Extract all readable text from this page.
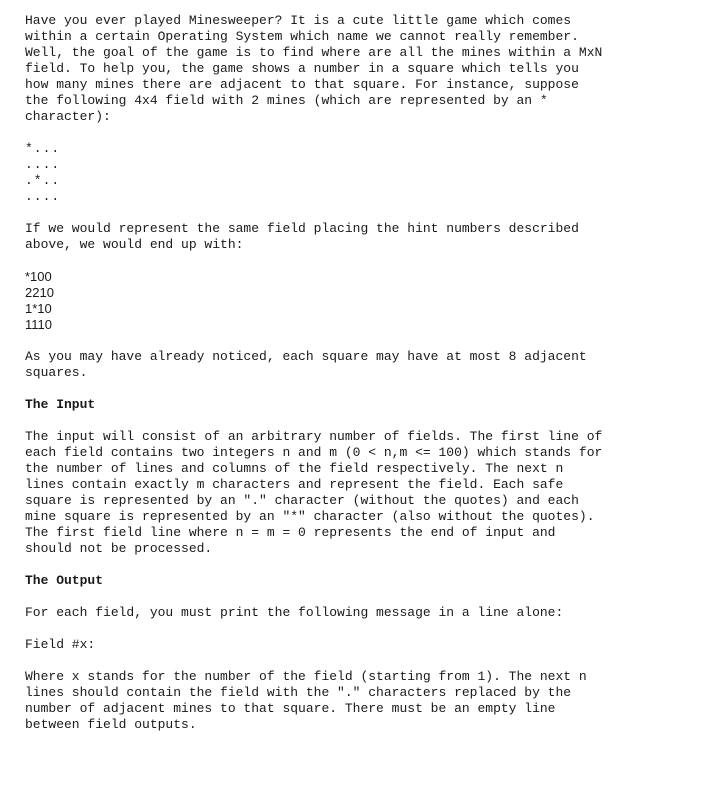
Have you ever played Minesweeper? It is a cute little game which comes
within a certain Operating System which name we cannot really remember.
Well, the goal of the game is to find where are all the mines within a MxN
field. To help you, the game shows a number in a square which tells you
how many mines there are adjacent to that square. For instance, suppose
the following 4x4 field with 2 mines (which are represented by an *
character):

*...
....
.*..
....

If we would represent the same field placing the hint numbers described
above, we would end up with:

*100
2210
1*10
1110

As you may have already noticed, each square may have at most 8 adjacent
squares.

The Input

The input will consist of an arbitrary number of fields. The first line of
each field contains two integers n and m (0 < n,m <= 100) which stands for
the number of lines and columns of the field respectively. The next n
lines contain exactly m characters and represent the field. Each safe
square is represented by an "." character (without the quotes) and each
mine square is represented by an "*" character (also without the quotes).
The first field line where n = m = 0 represents the end of input and
should not be processed.

The Output

For each field, you must print the following message in a line alone:

Field #x:

Where x stands for the number of the field (starting from 1). The next n
lines should contain the field with the "." characters replaced by the
number of adjacent mines to that square. There must be an empty line
between field outputs.
